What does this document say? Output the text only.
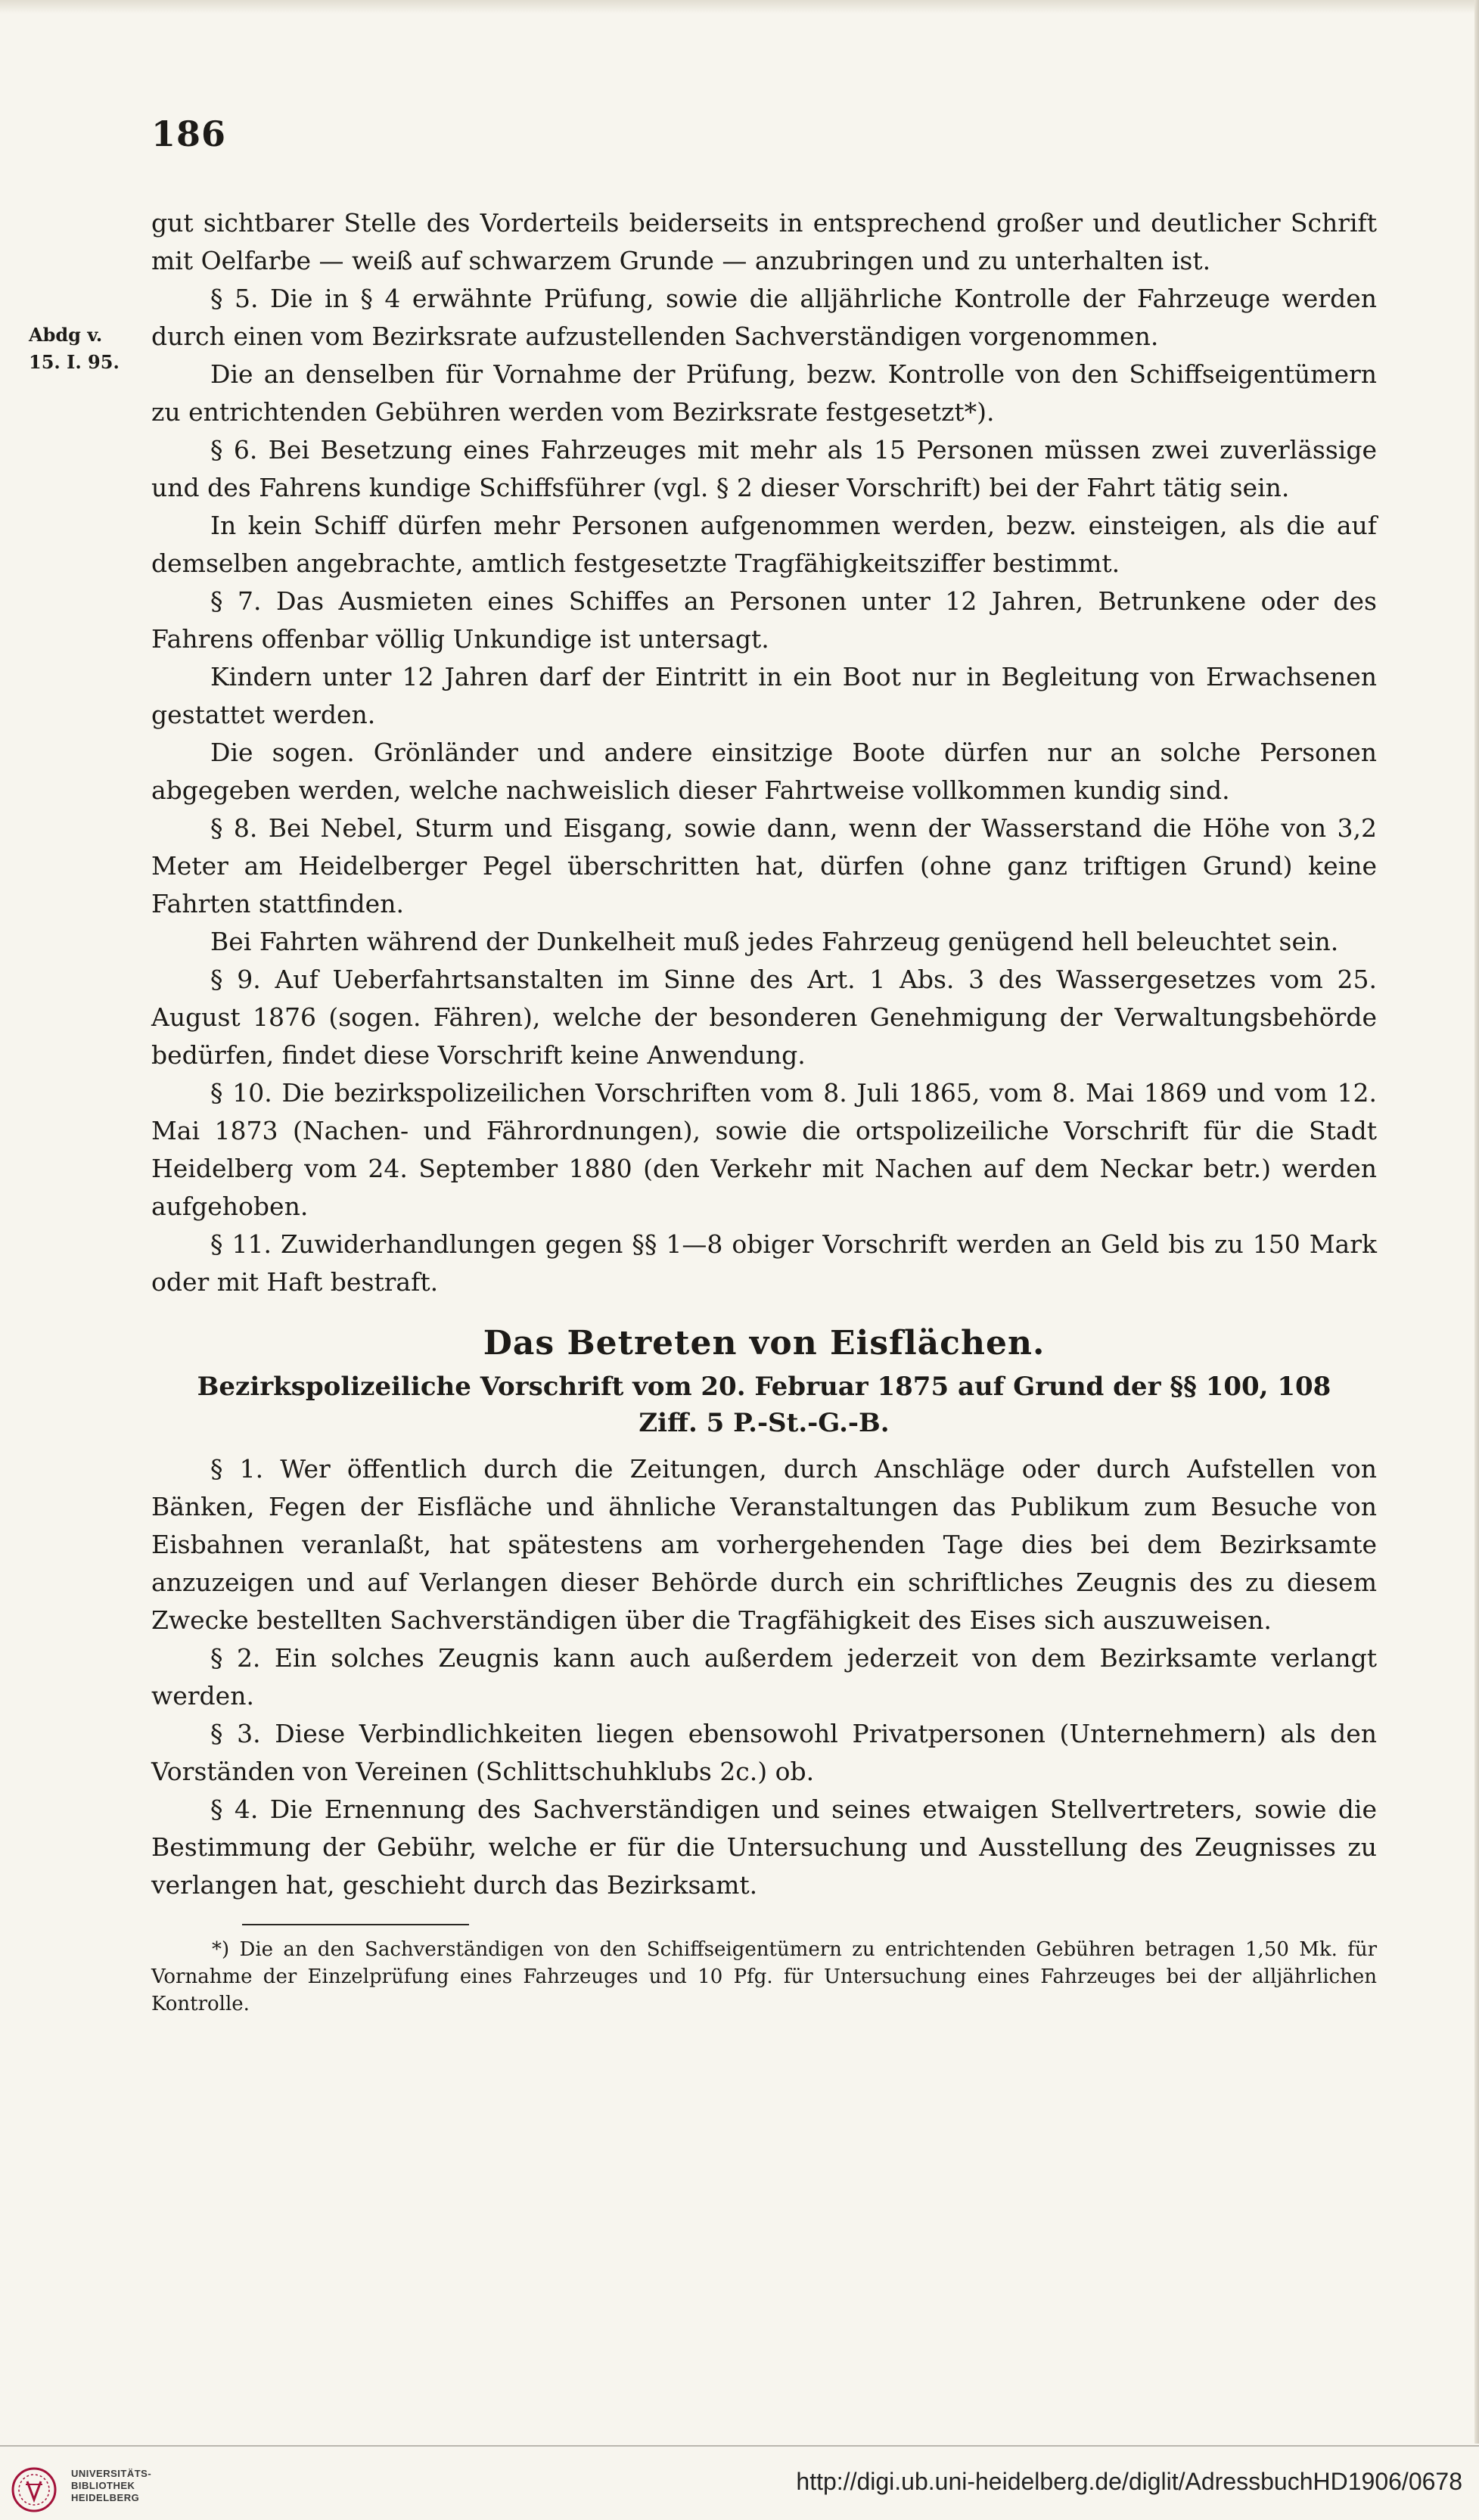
186
Abdg v.
15. I. 95.

gut sichtbarer Stelle des Vorderteils beiderseits in entsprechend großer und deutlicher Schrift mit Oelfarbe — weiß auf schwarzem Grunde — anzubringen und zu unterhalten ist.

§ 5. Die in § 4 erwähnte Prüfung, sowie die alljährliche Kontrolle der Fahrzeuge werden durch einen vom Bezirksrate aufzustellenden Sachverständigen vorgenommen.

Die an denselben für Vornahme der Prüfung, bezw. Kontrolle von den Schiffseigentümern zu entrichtenden Gebühren werden vom Bezirksrate festgesetzt*).

§ 6. Bei Besetzung eines Fahrzeuges mit mehr als 15 Personen müssen zwei zuverlässige und des Fahrens kundige Schiffsführer (vgl. § 2 dieser Vorschrift) bei der Fahrt tätig sein.

In kein Schiff dürfen mehr Personen aufgenommen werden, bezw. einsteigen, als die auf demselben angebrachte, amtlich festgesetzte Tragfähigkeitsziffer bestimmt.

§ 7. Das Ausmieten eines Schiffes an Personen unter 12 Jahren, Betrunkene oder des Fahrens offenbar völlig Unkundige ist untersagt.

Kindern unter 12 Jahren darf der Eintritt in ein Boot nur in Begleitung von Erwachsenen gestattet werden.

Die sogen. Grönländer und andere einsitzige Boote dürfen nur an solche Personen abgegeben werden, welche nachweislich dieser Fahrtweise vollkommen kundig sind.

§ 8. Bei Nebel, Sturm und Eisgang, sowie dann, wenn der Wasserstand die Höhe von 3,2 Meter am Heidelberger Pegel überschritten hat, dürfen (ohne ganz triftigen Grund) keine Fahrten stattfinden.

Bei Fahrten während der Dunkelheit muß jedes Fahrzeug genügend hell beleuchtet sein.

§ 9. Auf Ueberfahrtsanstalten im Sinne des Art. 1 Abs. 3 des Wassergesetzes vom 25. August 1876 (sogen. Fähren), welche der besonderen Genehmigung der Verwaltungsbehörde bedürfen, findet diese Vorschrift keine Anwendung.

§ 10. Die bezirkspolizeilichen Vorschriften vom 8. Juli 1865, vom 8. Mai 1869 und vom 12. Mai 1873 (Nachen- und Fährordnungen), sowie die ortspolizeiliche Vorschrift für die Stadt Heidelberg vom 24. September 1880 (den Verkehr mit Nachen auf dem Neckar betr.) werden aufgehoben.

§ 11. Zuwiderhandlungen gegen §§ 1—8 obiger Vorschrift werden an Geld bis zu 150 Mark oder mit Haft bestraft.

Das Betreten von Eisflächen.
Bezirkspolizeiliche Vorschrift vom 20. Februar 1875 auf Grund der §§ 100, 108 Ziff. 5 P.-St.-G.-B.

§ 1. Wer öffentlich durch die Zeitungen, durch Anschläge oder durch Aufstellen von Bänken, Fegen der Eisfläche und ähnliche Veranstaltungen das Publikum zum Besuche von Eisbahnen veranlaßt, hat spätestens am vorhergehenden Tage dies bei dem Bezirksamte anzuzeigen und auf Verlangen dieser Behörde durch ein schriftliches Zeugnis des zu diesem Zwecke bestellten Sachverständigen über die Tragfähigkeit des Eises sich auszuweisen.

§ 2. Ein solches Zeugnis kann auch außerdem jederzeit von dem Bezirksamte verlangt werden.

§ 3. Diese Verbindlichkeiten liegen ebensowohl Privatpersonen (Unternehmern) als den Vorständen von Vereinen (Schlittschuhklubs 2c.) ob.

§ 4. Die Ernennung des Sachverständigen und seines etwaigen Stellvertreters, sowie die Bestimmung der Gebühr, welche er für die Untersuchung und Ausstellung des Zeugnisses zu verlangen hat, geschieht durch das Bezirksamt.

*) Die an den Sachverständigen von den Schiffseigentümern zu entrichtenden Gebühren betragen 1,50 Mk. für Vornahme der Einzelprüfung eines Fahrzeuges und 10 Pfg. für Untersuchung eines Fahrzeuges bei der alljährlichen Kontrolle.

UNIVERSITÄTS-
BIBLIOTHEK
HEIDELBERG
http://digi.ub.uni-heidelberg.de/diglit/AdressbuchHD1906/0678
